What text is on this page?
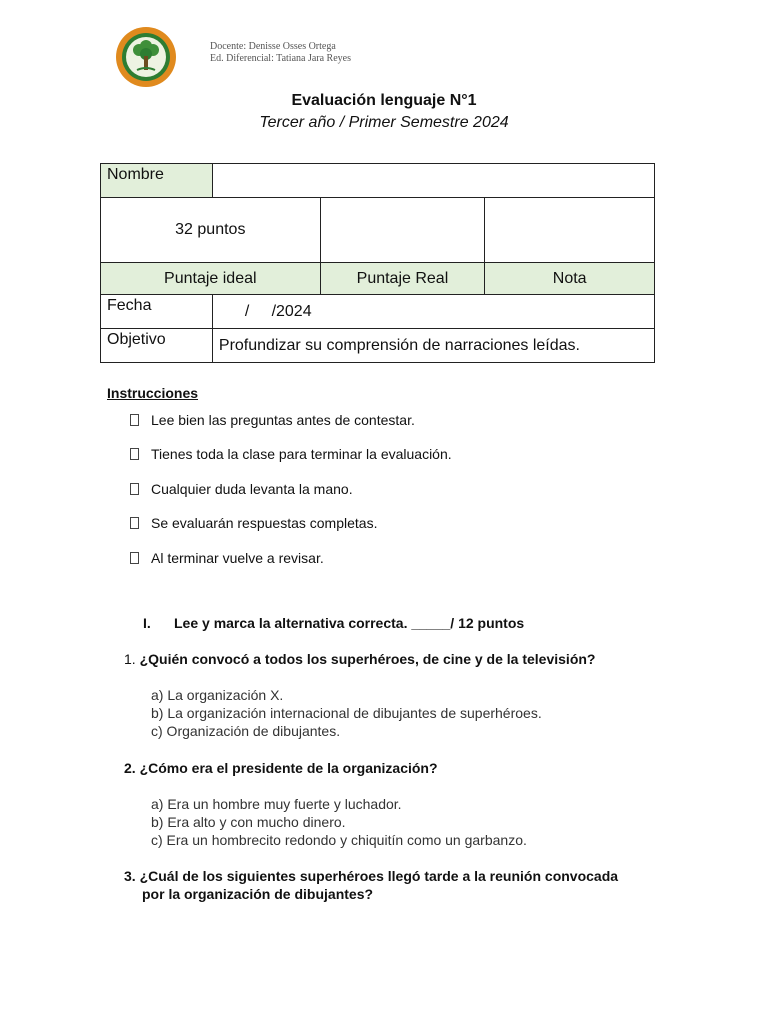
Docente: Denisse Osses Ortega
Ed. Diferencial: Tatiana Jara Reyes
Evaluación lenguaje N°1
Tercer año / Primer Semestre 2024
Nombre			
32 puntos			
Puntaje ideal		Puntaje Real	Nota
Fecha	/     /2024		
Objetivo	Profundizar su comprensión de narraciones leídas.		
Instrucciones
Lee bien las preguntas antes de contestar.
Tienes toda la clase para terminar la evaluación.
Cualquier duda levanta la mano.
Se evaluarán respuestas completas.
Al terminar vuelve a revisar.
I. Lee y marca la alternativa correcta. _____/ 12 puntos
1. ¿Quién convocó a todos los superhéroes, de cine y de la televisión?
a) La organización X.
b) La organización internacional de dibujantes de superhéroes.
c) Organización de dibujantes.
2. ¿Cómo era el presidente de la organización?
a) Era un hombre muy fuerte y luchador.
b) Era alto y con mucho dinero.
c) Era un hombrecito redondo y chiquitín como un garbanzo.
3. ¿Cuál de los siguientes superhéroes llegó tarde a la reunión convocada
por la organización de dibujantes?
